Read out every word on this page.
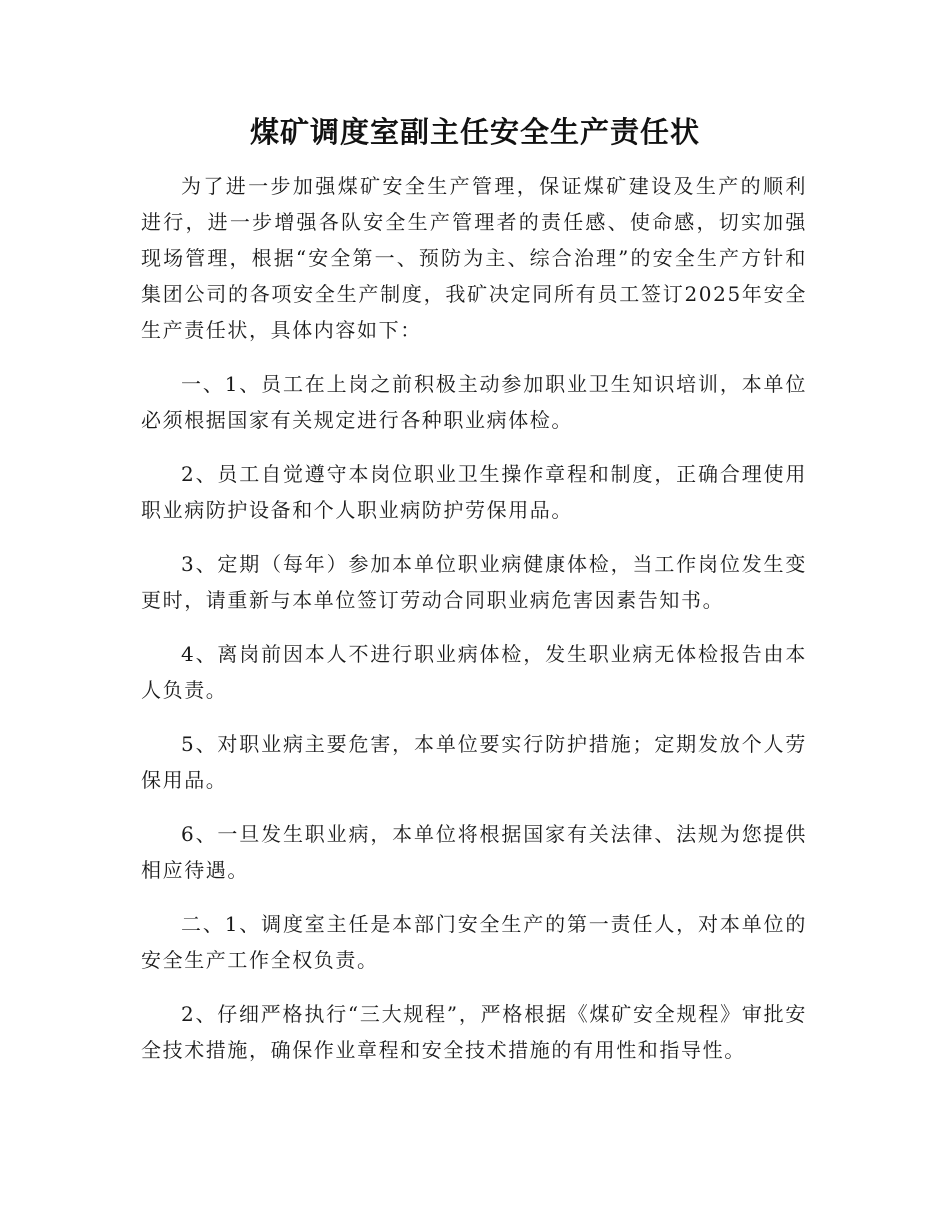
煤矿调度室副主任安全生产责任状

为了进一步加强煤矿安全生产管理，保证煤矿建设及生产的顺利进行，进一步增强各队安全生产管理者的责任感、使命感，切实加强现场管理，根据“安全第一、预防为主、综合治理”的安全生产方针和集团公司的各项安全生产制度，我矿决定同所有员工签订2025年安全生产责任状，具体内容如下：

一、1、员工在上岗之前积极主动参加职业卫生知识培训，本单位必须根据国家有关规定进行各种职业病体检。

2、员工自觉遵守本岗位职业卫生操作章程和制度，正确合理使用职业病防护设备和个人职业病防护劳保用品。

3、定期（每年）参加本单位职业病健康体检，当工作岗位发生变更时，请重新与本单位签订劳动合同职业病危害因素告知书。

4、离岗前因本人不进行职业病体检，发生职业病无体检报告由本人负责。

5、对职业病主要危害，本单位要实行防护措施；定期发放个人劳保用品。

6、一旦发生职业病，本单位将根据国家有关法律、法规为您提供相应待遇。

二、1、调度室主任是本部门安全生产的第一责任人，对本单位的安全生产工作全权负责。

2、仔细严格执行“三大规程”，严格根据《煤矿安全规程》审批安全技术措施，确保作业章程和安全技术措施的有用性和指导性。
